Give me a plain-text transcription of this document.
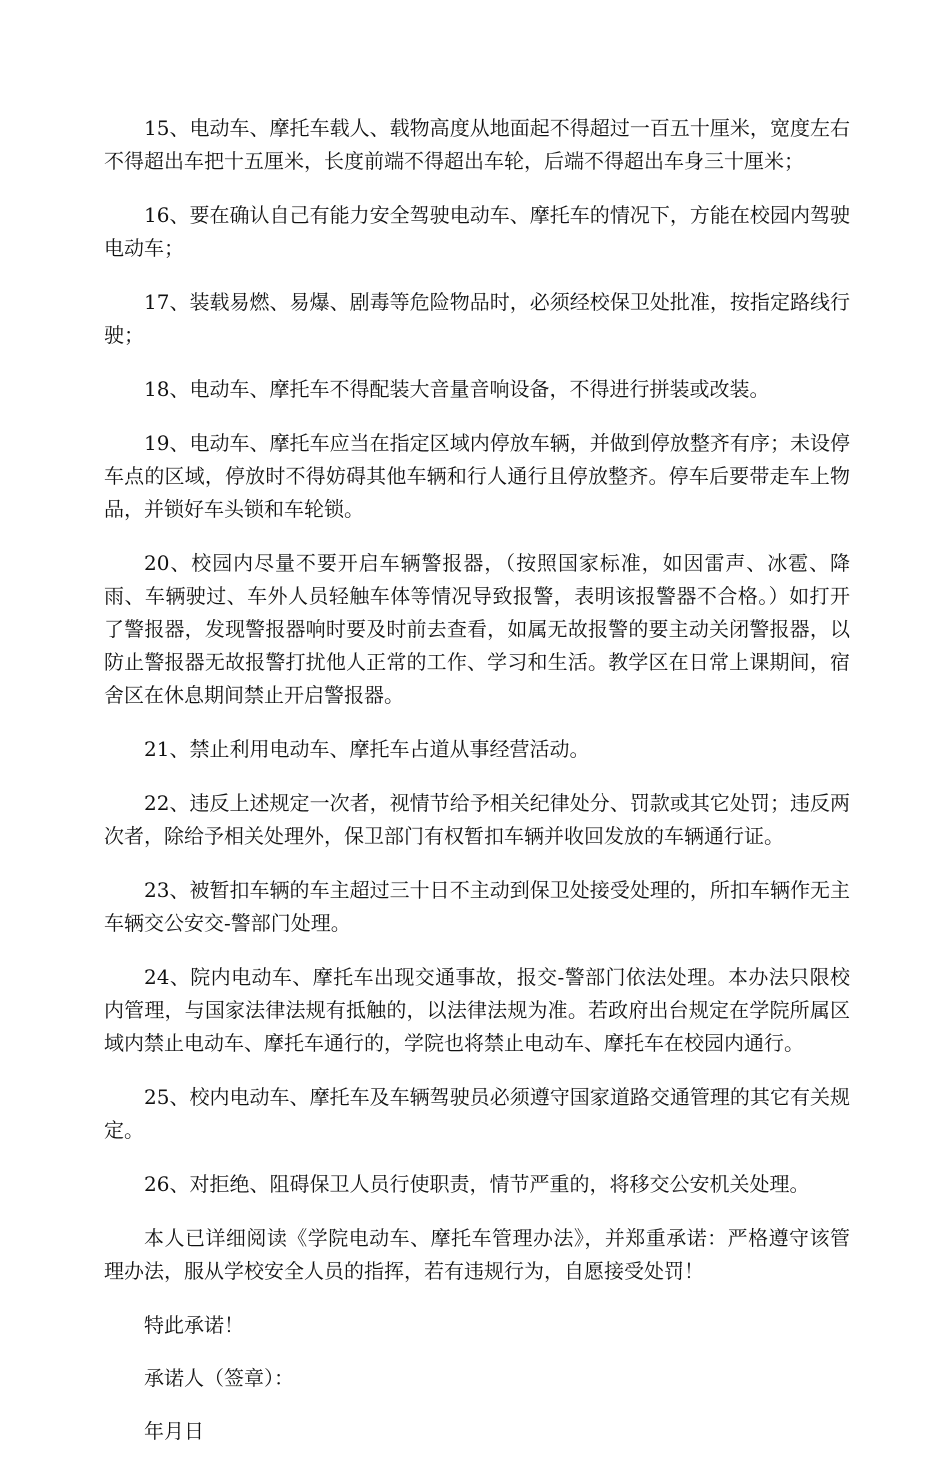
15、电动车、摩托车载人、载物高度从地面起不得超过一百五十厘米，宽度左右不得超出车把十五厘米，长度前端不得超出车轮，后端不得超出车身三十厘米；

16、要在确认自己有能力安全驾驶电动车、摩托车的情况下，方能在校园内驾驶电动车；

17、装载易燃、易爆、剧毒等危险物品时，必须经校保卫处批准，按指定路线行驶；

18、电动车、摩托车不得配装大音量音响设备，不得进行拼装或改装。

19、电动车、摩托车应当在指定区域内停放车辆，并做到停放整齐有序；未设停车点的区域，停放时不得妨碍其他车辆和行人通行且停放整齐。停车后要带走车上物品，并锁好车头锁和车轮锁。

20、校园内尽量不要开启车辆警报器，（按照国家标准，如因雷声、冰雹、降雨、车辆驶过、车外人员轻触车体等情况导致报警，表明该报警器不合格。）如打开了警报器，发现警报器响时要及时前去查看，如属无故报警的要主动关闭警报器，以防止警报器无故报警打扰他人正常的工作、学习和生活。教学区在日常上课期间，宿舍区在休息期间禁止开启警报器。

21、禁止利用电动车、摩托车占道从事经营活动。

22、违反上述规定一次者，视情节给予相关纪律处分、罚款或其它处罚；违反两次者，除给予相关处理外，保卫部门有权暂扣车辆并收回发放的车辆通行证。

23、被暂扣车辆的车主超过三十日不主动到保卫处接受处理的，所扣车辆作无主车辆交公安交-警部门处理。

24、院内电动车、摩托车出现交通事故，报交-警部门依法处理。本办法只限校内管理，与国家法律法规有抵触的，以法律法规为准。若政府出台规定在学院所属区域内禁止电动车、摩托车通行的，学院也将禁止电动车、摩托车在校园内通行。

25、校内电动车、摩托车及车辆驾驶员必须遵守国家道路交通管理的其它有关规定。

26、对拒绝、阻碍保卫人员行使职责，情节严重的，将移交公安机关处理。

本人已详细阅读《学院电动车、摩托车管理办法》，并郑重承诺：严格遵守该管理办法，服从学校安全人员的指挥，若有违规行为，自愿接受处罚！

特此承诺！

承诺人（签章）：

年月日
